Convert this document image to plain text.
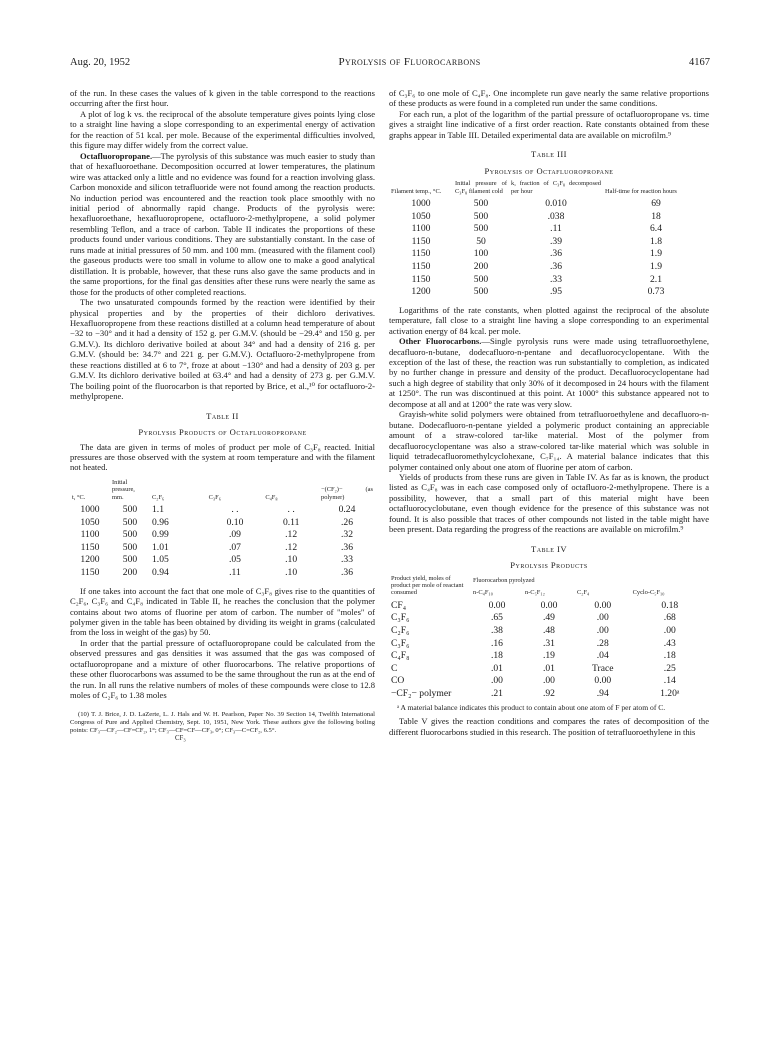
Aug. 20, 1952	Pyrolysis of Fluorocarbons	4167

of the run. In these cases the values of k given in the table correspond to the reactions occurring after the first hour.

A plot of log k vs. the reciprocal of the absolute temperature gives points lying close to a straight line having a slope corresponding to an experimental energy of activation for the reaction of 51 kcal. per mole. Because of the experimental difficulties involved, this figure may differ widely from the correct value.

Octafluoropropane.—The pyrolysis of this substance was much easier to study than that of hexafluoroethane. Decomposition occurred at lower temperatures, the platinum wire was attacked only a little and no evidence was found for a reaction involving glass. Carbon monoxide and silicon tetrafluoride were not found among the reaction products. No induction period was encountered and the reaction took place smoothly with no initial period of abnormally rapid change. Products of the pyrolysis were: hexafluoroethane, hexafluoropropene, octafluoro-2-methylpropene, a solid polymer resembling Teflon, and a trace of carbon. Table II indicates the proportions of these products found under various conditions. They are substantially constant. In the case of runs made at initial pressures of 50 mm. and 100 mm. (measured with the filament cool) the gaseous products were too small in volume to allow one to make a good analytical distillation. It is probable, however, that these runs also gave the same products and in the same proportions, for the final gas densities after these runs were nearly the same as those for the products of other completed reactions.

The two unsaturated compounds formed by the reaction were identified by their physical properties and by the properties of their dichloro derivatives. Hexafluoropropene from these reactions distilled at a column head temperature of about −32 to −30° and it had a density of 152 g. per G.M.V. (should be −29.4° and 150 g. per G.M.V.). Its dichloro derivative boiled at about 34° and had a density of 216 g. per G.M.V. (should be: 34.7° and 221 g. per G.M.V.). Octafluoro-2-methylpropene from these reactions distilled at 6 to 7°, froze at about −130° and had a density of 203 g. per G.M.V. Its dichloro derivative boiled at 63.4° and had a density of 273 g. per G.M.V. The boiling point of the fluorocarbon is that reported by Brice, et al.,¹⁰ for octafluoro-2-methylpropene.

Table II
Pyrolysis Products of Octafluoropropane

The data are given in terms of moles of product per mole of C₃F₈ reacted. Initial pressures are those observed with the system at room temperature and with the filament not heated.

t, °C.	Initial pressure, mm.	C₂F₆	C₃F₆	C₄F₈	−(CF₂)− (as polymer)
1000	500	1.1	. .	. .	0.24
1050	500	0.96	0.10	0.11	.26
1100	500	0.99	.09	.12	.32
1150	500	1.01	.07	.12	.36
1200	500	1.05	.05	.10	.33
1150	200	0.94	.11	.10	.36

If one takes into account the fact that one mole of C₃F₈ gives rise to the quantities of C₂F₆, C₃F₆ and C₄F₈ indicated in Table II, he reaches the conclusion that the polymer contains about two atoms of fluorine per atom of carbon. The number of "moles" of polymer given in the table has been obtained by dividing its weight in grams (calculated from the loss in weight of the gas) by 50.

In order that the partial pressure of octafluoropropane could be calculated from the observed pressures and gas densities it was assumed that the gas was composed of octafluoropropane and a mixture of other fluorocarbons. The relative proportions of these other fluorocarbons was assumed to be the same throughout the run as at the end of the run. In all runs the relative numbers of moles of these compounds were close to 12.8 moles of C₂F₆ to 1.38 moles

(10) T. J. Brice, J. D. LaZerte, L. J. Hals and W. H. Pearlson, Paper No. 39 Section 14, Twelfth International Congress of Pure and Applied Chemistry, Sept. 10, 1951, New York. These authors give the following boiling points: CF₃—CF₂—CF=CF₂, 1°; CF₃—CF=CF—CF₃, 0°; CF₃—C=CF₂, 6.5°.

CF₃

of C₃F₆ to one mole of C₄F₈. One incomplete run gave nearly the same relative proportions of these products as were found in a completed run under the same conditions.

For each run, a plot of the logarithm of the partial pressure of octafluoropropane vs. time gives a straight line indicative of a first order reaction. Rate constants obtained from these graphs appear in Table III. Detailed experimental data are available on microfilm.⁹

Table III
Pyrolysis of Octafluoropropane
Filament temp., °C.	Initial pressure of C₃F₈ filament cold	k, fraction of C₃F₈ decomposed per hour	Half-time for reaction hours
1000	500	0.010	69
1050	500	.038	18
1100	500	.11	6.4
1150	50	.39	1.8
1150	100	.36	1.9
1150	200	.36	1.9
1150	500	.33	2.1
1200	500	.95	0.73

Logarithms of the rate constants, when plotted against the reciprocal of the absolute temperature, fall close to a straight line having a slope corresponding to an experimental activation energy of 84 kcal. per mole.

Other Fluorocarbons.—Single pyrolysis runs were made using tetrafluoroethylene, decafluoro-n-butane, dodecafluoro-n-pentane and decafluorocyclopentane. With the exception of the last of these, the reaction was run substantially to completion, as indicated by no further change in pressure and density of the product. Decafluorocyclopentane had such a high degree of stability that only 30% of it decomposed in 24 hours with the filament at 1250°. The run was discontinued at this point. At 1000° this substance appeared not to decompose at all and at 1200° the rate was very slow.

Grayish-white solid polymers were obtained from tetrafluoroethylene and decafluoro-n-butane. Dodecafluoro-n-pentane yielded a polymeric product containing an appreciable amount of a straw-colored tar-like material. Most of the polymer from decafluorocyclopentane was also a straw-colored tar-like material which was soluble in liquid tetradecafluoromethylcyclohexane, C₇F₁₄. A material balance indicates that this polymer contained only about one atom of fluorine per atom of carbon.

Yields of products from these runs are given in Table IV. As far as is known, the product listed as C₄F₈ was in each case composed only of octafluoro-2-methylpropene. There is a possibility, however, that a small part of this material might have been octafluorocyclobutane, even though evidence for the presence of this substance was not found. It is also possible that traces of other compounds not listed in the table might have been present. Data regarding the progress of the reactions are available on microfilm.⁹

Table IV
Pyrolysis Products
Product yield, moles of product per mole of reactant consumed	Fluorocarbon pyrolyzed			
	n-C₄F₁₀	n-C₅F₁₂	C₂F₄	Cyclo-C₅F₁₀
CF₄	0.00	0.00	0.00	0.18
C₃F₆	.65	.49	.00	.68
C₂F₆	.38	.48	.00	.00
C₃F₆	.16	.31	.28	.43
C₄F₈	.18	.19	.04	.18
C	.01	.01	Trace	.25
CO	.00	.00	0.00	.14
−CF₂− polymer	.21	.92	.94	1.20ᵃ

ᵃ A material balance indicates this product to contain about one atom of F per atom of C.

Table V gives the reaction conditions and compares the rates of decomposition of the different fluorocarbons studied in this research. The position of tetrafluoroethylene in this
